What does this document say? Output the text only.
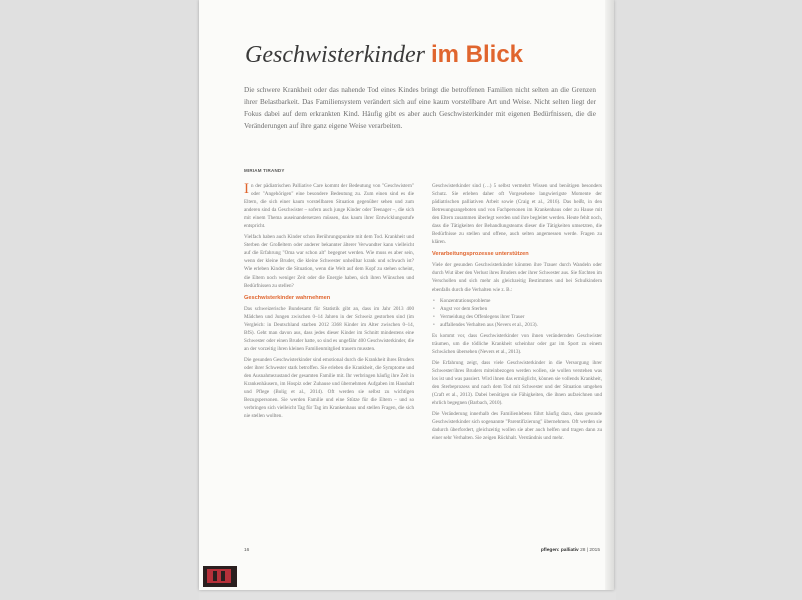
Geschwisterkinder im Blick

Die schwere Krankheit oder das nahende Tod eines Kindes bringt die betroffenen Familien nicht selten an die Grenzen ihrer Belastbarkeit. Das Familiensystem verändert sich auf eine kaum vorstellbare Art und Weise. Nicht selten liegt der Fokus dabei auf dem erkrankten Kind. Häufig gibt es aber auch Geschwisterkinder mit eigenen Bedürfnissen, die die Veränderungen auf ihre ganz eigene Weise verarbeiten.

MIRIAM TIRANDY

In der pädiatrischen Palliative Care kommt der Bedeutung von "Geschwistern" oder "Angehörigen" eine besondere Bedeutung zu. Zum einen sind es die Eltern, die sich einer kaum vorstellbaren Situation gegenüber sehen und zum anderen sind da Geschwister – sofern auch junge Kinder oder Teenager –, die sich mit einem Thema auseinandersetzen müssen, das kaum ihrer Entwicklungsstufe entspricht.

Vielfach haben auch Kinder schon Berührungspunkte mit dem Tod. Krankheit und Sterben der Großeltern oder anderer bekannter älterer Verwandter kann vielleicht auf die Erfahrung "Oma war schon alt" begegnet werden. Wie muss es aber sein, wenn der kleine Bruder, die kleine Schwester unheilbar krank und schwach ist? Wie erleben Kinder die Situation, wenn die Welt auf dem Kopf zu stehen scheint, die Eltern noch weniger Zeit oder die Energie haben, sich ihren Wünschen und Bedürfnissen zu stellen?

Geschwisterkinder wahrnehmen

Das schweizerische Bundesamt für Statistik gibt an, dass im Jahr 2013 400 Mädchen und Jungen zwischen 0–14 Jahren in der Schweiz gestorben sind (im Vergleich: in Deutschland starben 2012 3368 Kinder im Alter zwischen 0–14, BfS). Geht man davon aus, dass jedes dieser Kinder im Schnitt mindestens eine Schwester oder einen Bruder hatte, so sind es ungefähr 400 Geschwisterkinder, die an der vorzeitig ihren kleinen Familienmitglied trauern mussten.

Die gesunden Geschwisterkinder sind emotional durch die Krankheit ihres Bruders oder ihrer Schwester stark betroffen. Sie erleben die Krankheit, die Symptome und den Ausnahmezustand der gesamten Familie mit. Ihr verbringen häufig ihre Zeit in Krankenhäusern, im Hospiz oder Zuhause und übernehmen Aufgaben im Haushalt und Pflege (Bolig et al., 2014). Oft werden sie selbst zu wichtigen Bezugspersonen. Sie werden Familie und eine Stütze für die Eltern – und so verbringen sich vielleicht Tag für Tag im Krankenhaus und stellen Fragen, die sich nie stellen wollten.

Geschwisterkinder sind (…) 5 selbst vermehrt Wissen und benötigen besonders Schutz. Sie erleben daher oft Vorgesehene langwierigste Momente der pädiatrischen palliativen Arbeit sowie (Craig et al., 2016). Das heißt, in den Betreuungsangeboten und von Fachpersonen im Krankenhaus oder zu Hause mit den Eltern zusammen überlegt werden und ihre begleitet werden. Heute fehlt noch, dass die Tätigkeiten der Behandlungsteams dieser die Tätigkeiten umsetzten, die Bedürfnisse zu stellen und offene, auch selten angemessen werde. Fragen zu klären.

Verarbeitungsprozesse unterstützen

Viele der gesunden Geschwisterkinder könnten ihre Trauer durch Wandeln oder durch Wut über den Verlust ihres Bruders oder ihrer Schwester aus. Sie fürchten im Verschollen und sich mehr als gleichzeitig Bestimmtes und bei Schulkindern ebenfalls durch die Verhalten wie z. B.:

• Konzentrationsprobleme
• Angst vor dem Sterben
• Vermeidung des Offenlegens ihrer Trauer
• auffallendes Verhalten aus (Nevers et al., 2013).

Es kommt vor, dass Geschwisterkinder von ihnen verändernden Geschwister träumen, um die tödliche Krankheit scheinbar oder gar im Sport zu einem Schwächen übersehen (Nevers et al., 2013).

Die Erfahrung zeigt, dass viele Geschwisterkinder in die Versorgung ihrer Schwester/ihres Bruders miteinbezogen werden wollen, sie wollen verstehen was los ist und was passiert. Wird ihnen das ermöglicht, können sie vollends Krankheit, den Sterbeprozess und nach dem Tod mit Schwester und der Situation umgehen (Craft et al., 2013). Dabei benötigen sie Fähigkeiten, die ihnen aufzeichnen und ehrlich begegnen (Barbach, 2010).

Die Veränderung innerhalb des Familienlebens führt häufig dazu, dass gesunde Geschwisterkinder sich sogenannte "Parentifizierung" übernehmen. Oft werden sie dadurch überfordert, gleichzeitig wollen sie aber auch helfen und tragen dann zu einer sehr Verhalten. Sie zeigen Rückhalt. Verständnis und mehr.

16	pflegen: palliativ 28 | 2015
